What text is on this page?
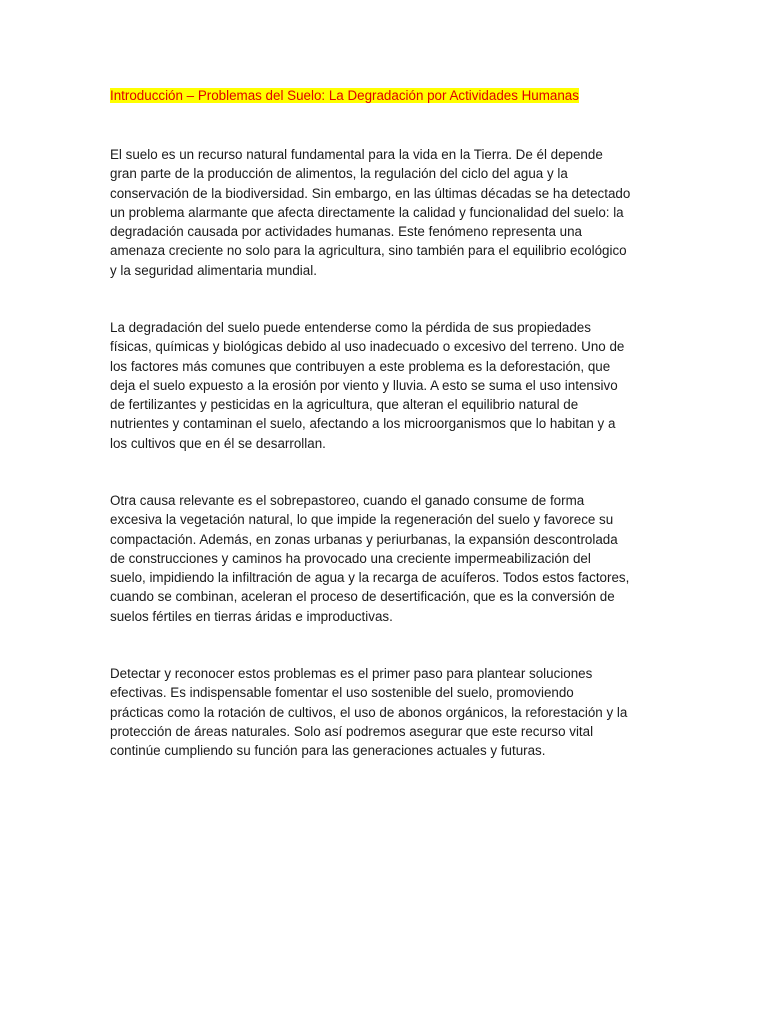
Introducción – Problemas del Suelo: La Degradación por Actividades Humanas

El suelo es un recurso natural fundamental para la vida en la Tierra. De él depende
gran parte de la producción de alimentos, la regulación del ciclo del agua y la
conservación de la biodiversidad. Sin embargo, en las últimas décadas se ha detectado
un problema alarmante que afecta directamente la calidad y funcionalidad del suelo: la
degradación causada por actividades humanas. Este fenómeno representa una
amenaza creciente no solo para la agricultura, sino también para el equilibrio ecológico
y la seguridad alimentaria mundial.

La degradación del suelo puede entenderse como la pérdida de sus propiedades
físicas, químicas y biológicas debido al uso inadecuado o excesivo del terreno. Uno de
los factores más comunes que contribuyen a este problema es la deforestación, que
deja el suelo expuesto a la erosión por viento y lluvia. A esto se suma el uso intensivo
de fertilizantes y pesticidas en la agricultura, que alteran el equilibrio natural de
nutrientes y contaminan el suelo, afectando a los microorganismos que lo habitan y a
los cultivos que en él se desarrollan.

Otra causa relevante es el sobrepastoreo, cuando el ganado consume de forma
excesiva la vegetación natural, lo que impide la regeneración del suelo y favorece su
compactación. Además, en zonas urbanas y periurbanas, la expansión descontrolada
de construcciones y caminos ha provocado una creciente impermeabilización del
suelo, impidiendo la infiltración de agua y la recarga de acuíferos. Todos estos factores,
cuando se combinan, aceleran el proceso de desertificación, que es la conversión de
suelos fértiles en tierras áridas e improductivas.

Detectar y reconocer estos problemas es el primer paso para plantear soluciones
efectivas. Es indispensable fomentar el uso sostenible del suelo, promoviendo
prácticas como la rotación de cultivos, el uso de abonos orgánicos, la reforestación y la
protección de áreas naturales. Solo así podremos asegurar que este recurso vital
continúe cumpliendo su función para las generaciones actuales y futuras.
